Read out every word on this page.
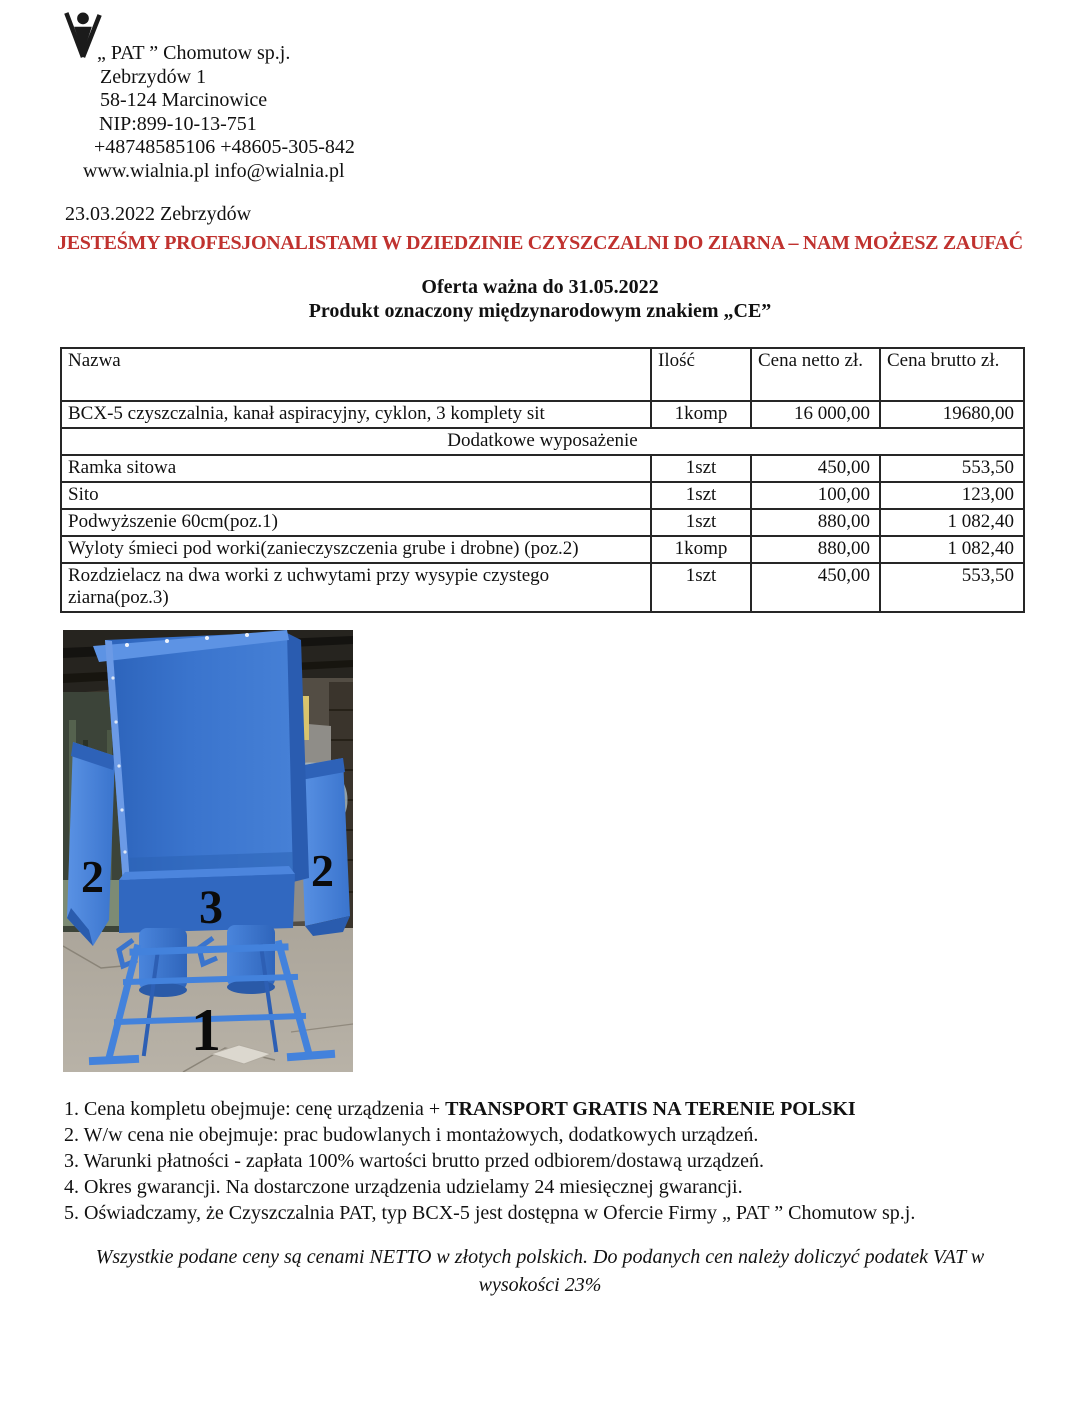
„ PAT ” Chomutow sp.j.
Zebrzydów 1
58-124 Marcinowice
NIP:899-10-13-751
+48748585106 +48605-305-842
www.wialnia.pl info@wialnia.pl
23.03.2022 Zebrzydów
JESTEŚMY PROFESJONALISTAMI W DZIEDZINIE CZYSZCZALNI DO ZIARNA – NAM MOŻESZ ZAUFAĆ
Oferta ważna do 31.05.2022
Produkt oznaczony międzynarodowym znakiem „CE”
Nazwa	Ilość	Cena netto zł.	Cena brutto zł.
BCX-5 czyszczalnia, kanał aspiracyjny, cyklon, 3 komplety sit	1komp	16 000,00	19680,00
Dodatkowe wyposażenie			
Ramka sitowa	1szt	450,00	553,50
Sito	1szt	100,00	123,00
Podwyższenie 60cm(poz.1)	1szt	880,00	1 082,40
Wyloty śmieci pod worki(zanieczyszczenia grube i drobne) (poz.2)	1komp	880,00	1 082,40
Rozdzielacz na dwa worki z uchwytami przy wysypie czystego ziarna(poz.3)	1szt	450,00	553,50
2	2
3
1
1. Cena kompletu obejmuje: cenę urządzenia + TRANSPORT GRATIS NA TERENIE POLSKI
2. W/w cena nie obejmuje: prac budowlanych i montażowych, dodatkowych urządzeń.
3. Warunki płatności - zapłata 100% wartości brutto przed odbiorem/dostawą urządzeń.
4. Okres gwarancji. Na dostarczone urządzenia udzielamy 24 miesięcznej gwarancji.
5. Oświadczamy, że Czyszczalnia PAT, typ BCX-5 jest dostępna w Ofercie Firmy „ PAT ” Chomutow sp.j.
Wszystkie podane ceny są cenami NETTO w złotych polskich. Do podanych cen należy doliczyć podatek VAT w
wysokości 23%
